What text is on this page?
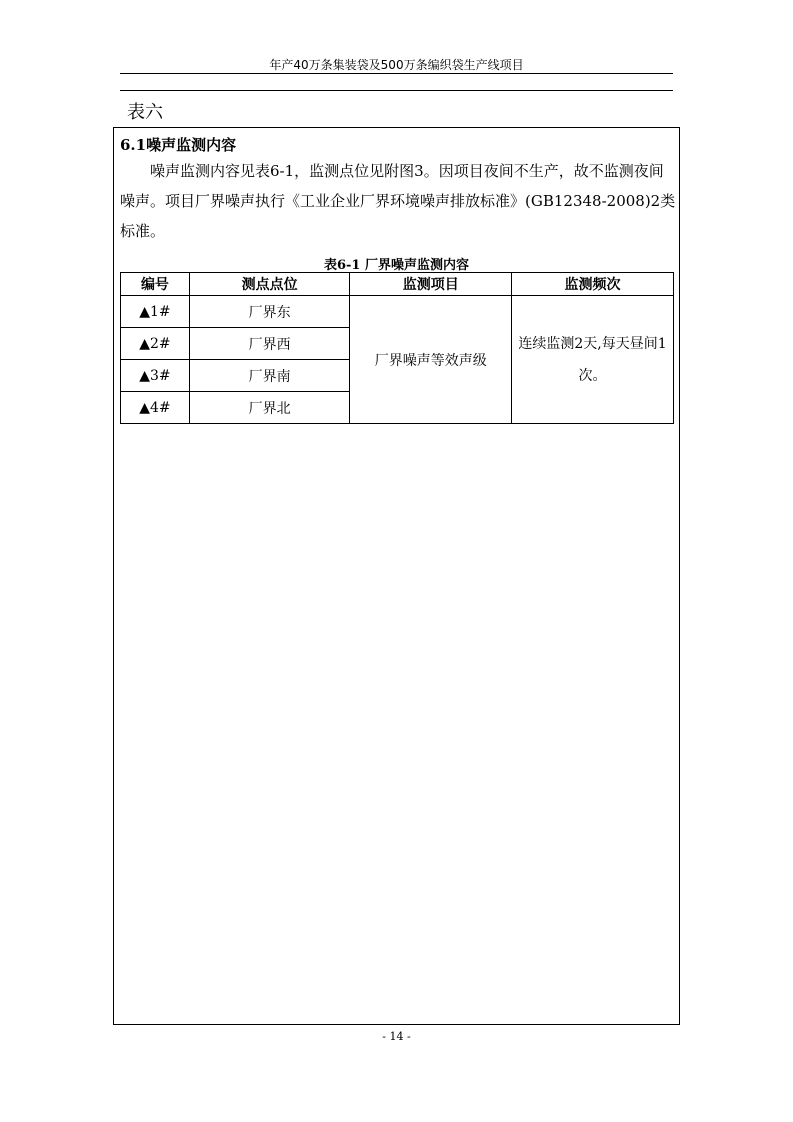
年产40万条集装袋及500万条编织袋生产线项目
表六
6.1噪声监测内容

噪声监测内容见表6-1，监测点位见附图3。因项目夜间不生产，故不监测夜间噪声。项目厂界噪声执行《工业企业厂界环境噪声排放标准》(GB12348-2008)2类标准。

表6-1 厂界噪声监测内容
编号	测点点位	监测项目	监测频次
▲1#	厂界东	厂界噪声等效声级	连续监测2天,每天昼间1次。
▲2#	厂界西		
▲3#	厂界南		
▲4#	厂界北		
- 14 -
